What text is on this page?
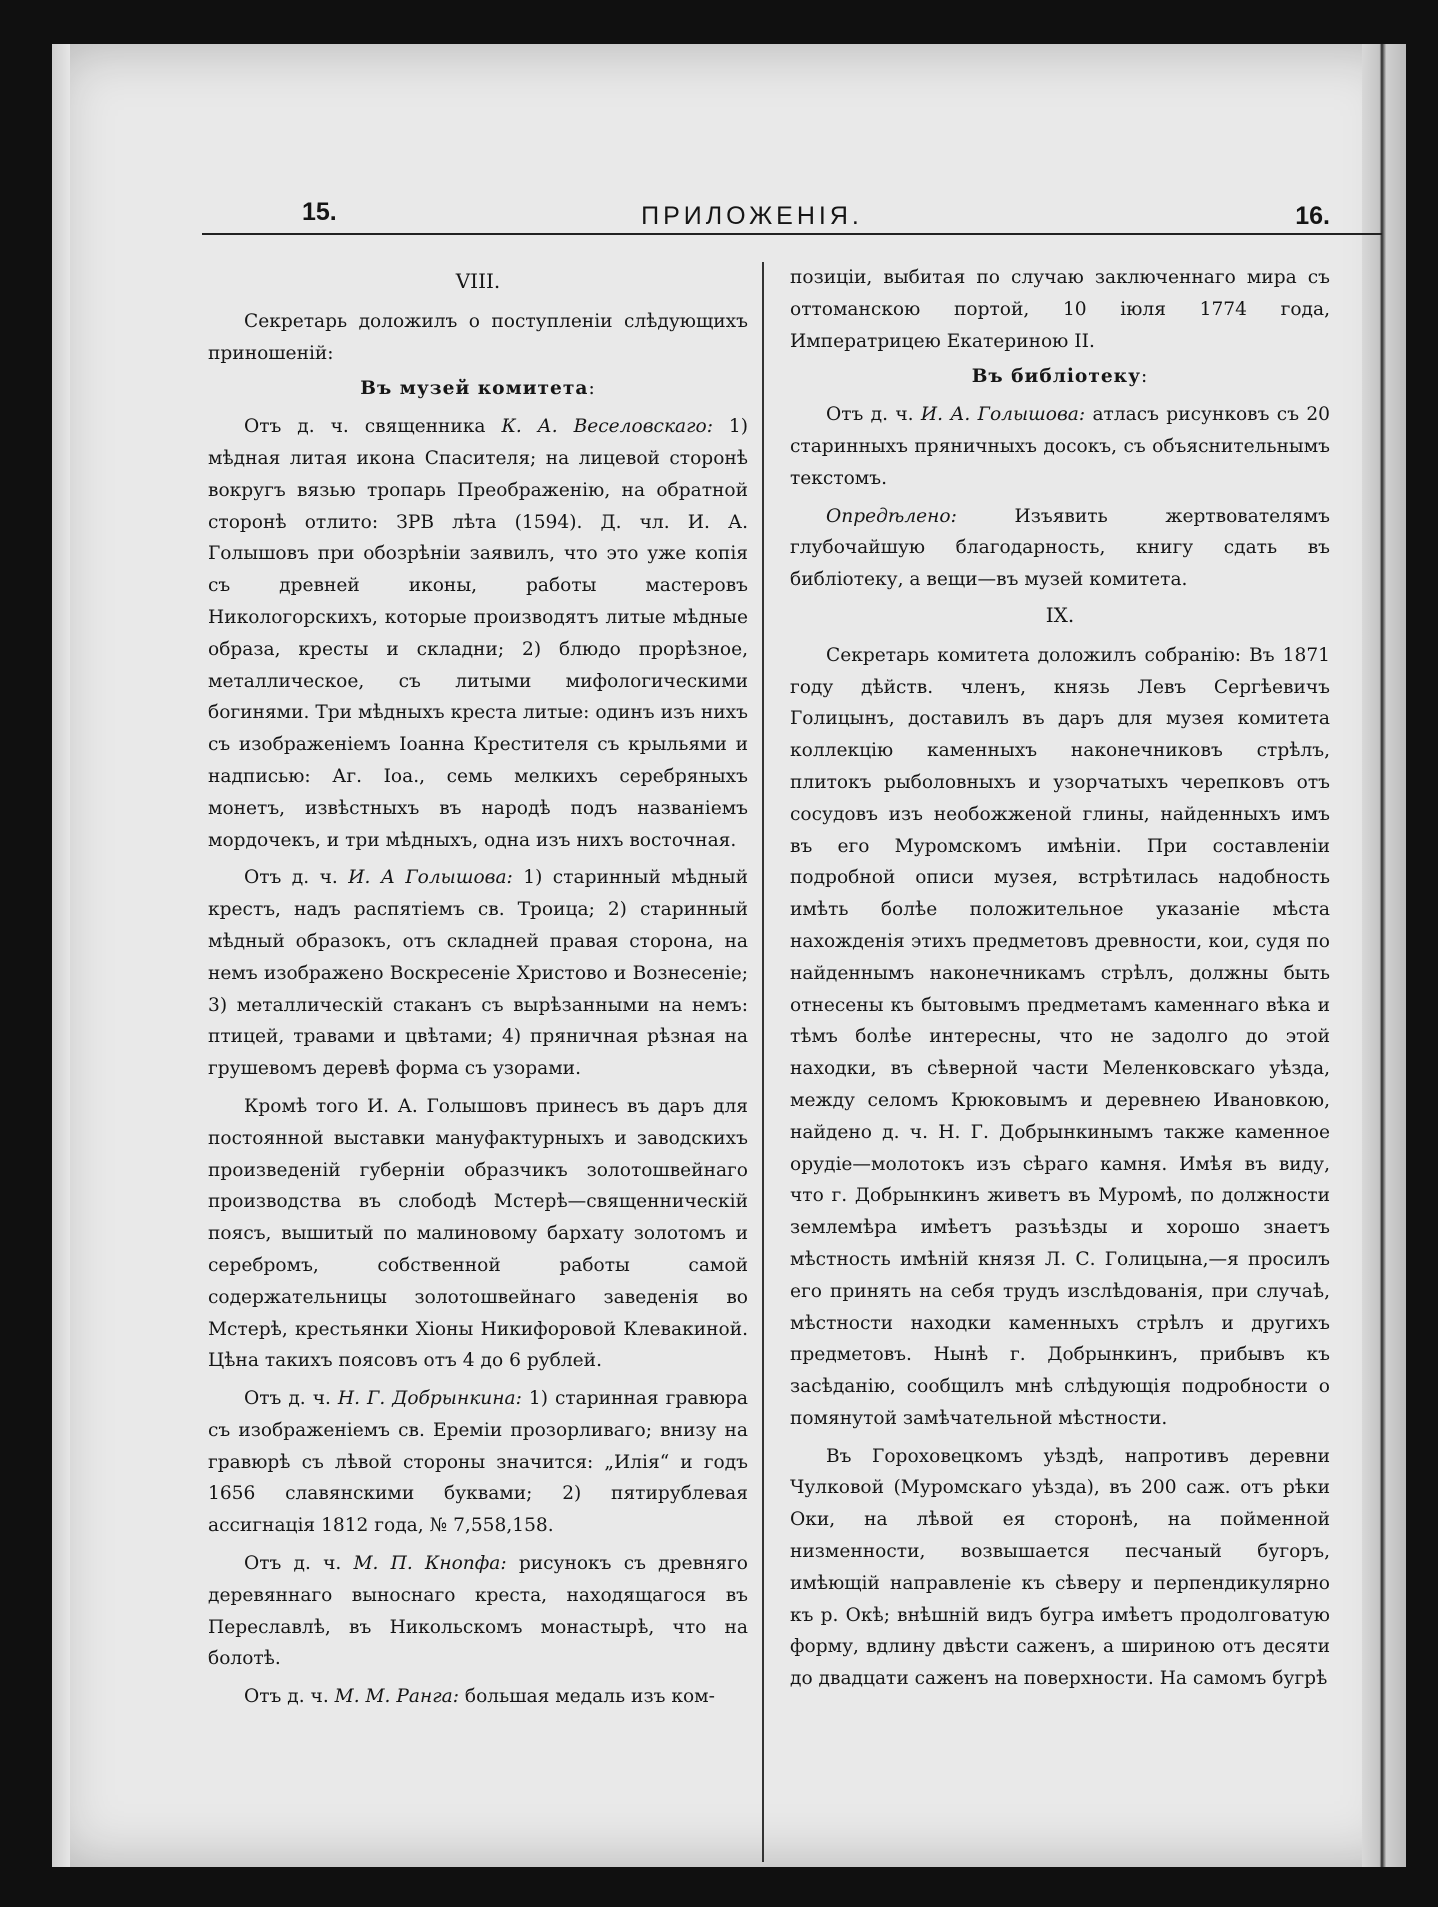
15.	ПРИЛОЖЕНІЯ.	16.

VIII.

Секретарь доложилъ о поступленіи слѣдующихъ приношеній:

Въ музей комитета:

Отъ д. ч. священника К. А. Веселовскаго: 1) мѣдная литая икона Спасителя; на лицевой сторонѣ вокругъ вязью тропарь Преображенію, на обратной сторонѣ отлито: ЗРВ лѣта (1594). Д. чл. И. А. Голышовъ при обозрѣніи заявилъ, что это уже копія съ древней иконы, работы мастеровъ Никологорскихъ, которые производятъ литые мѣдные образа, кресты и складни; 2) блюдо прорѣзное, металлическое, съ литыми мифологическими богинями. Три мѣдныхъ креста литые: одинъ изъ нихъ съ изображеніемъ Іоанна Крестителя съ крыльями и надписью: Аг. Іоа., семь мелкихъ серебряныхъ монетъ, извѣстныхъ въ народѣ подъ названіемъ мордочекъ, и три мѣдныхъ, одна изъ нихъ восточная.

Отъ д. ч. И. А Голышова: 1) старинный мѣдный крестъ, надъ распятіемъ св. Троица; 2) старинный мѣдный образокъ, отъ складней правая сторона, на немъ изображено Воскресеніе Христово и Вознесеніе; 3) металлическій стаканъ съ вырѣзанными на немъ: птицей, травами и цвѣтами; 4) пряничная рѣзная на грушевомъ деревѣ форма съ узорами.

Кромѣ того И. А. Голышовъ принесъ въ даръ для постоянной выставки мануфактурныхъ и заводскихъ произведеній губерніи образчикъ золотошвейнаго производства въ слободѣ Мстерѣ—священническій поясъ, вышитый по малиновому бархату золотомъ и серебромъ, собственной работы самой содержательницы золотошвейнаго заведенія во Мстерѣ, крестьянки Хіоны Никифоровой Клевакиной. Цѣна такихъ поясовъ отъ 4 до 6 рублей.

Отъ д. ч. Н. Г. Добрынкина: 1) старинная гравюра съ изображеніемъ св. Ереміи прозорливаго; внизу на гравюрѣ съ лѣвой стороны значится: „Илія“ и годъ 1656 славянскими буквами; 2) пятирублевая ассигнація 1812 года, № 7,558,158.

Отъ д. ч. М. П. Кнопфа: рисунокъ съ древняго деревяннаго выноснаго креста, находящагося въ Переславлѣ, въ Никольскомъ монастырѣ, что на болотѣ.

Отъ д. ч. М. М. Ранга: большая медаль изъ ком-

позиціи, выбитая по случаю заключеннаго мира съ оттоманскою портой, 10 іюля 1774 года, Императрицею Екатериною II.

Въ библіотеку:

Отъ д. ч. И. А. Голышова: атласъ рисунковъ съ 20 старинныхъ пряничныхъ досокъ, съ объяснительнымъ текстомъ.

Опредѣлено: Изъявить жертвователямъ глубочайшую благодарность, книгу сдать въ библіотеку, а вещи—въ музей комитета.

IX.

Секретарь комитета доложилъ собранію: Въ 1871 году дѣйств. членъ, князь Левъ Сергѣевичъ Голицынъ, доставилъ въ даръ для музея комитета коллекцію каменныхъ наконечниковъ стрѣлъ, плитокъ рыболовныхъ и узорчатыхъ черепковъ отъ сосудовъ изъ необожженой глины, найденныхъ имъ въ его Муромскомъ имѣніи. При составленіи подробной описи музея, встрѣтилась надобность имѣть болѣе положительное указаніе мѣста нахожденія этихъ предметовъ древности, кои, судя по найденнымъ наконечникамъ стрѣлъ, должны быть отнесены къ бытовымъ предметамъ каменнаго вѣка и тѣмъ болѣе интересны, что не задолго до этой находки, въ сѣверной части Меленковскаго уѣзда, между селомъ Крюковымъ и деревнею Ивановкою, найдено д. ч. Н. Г. Добрынкинымъ также каменное орудіе—молотокъ изъ сѣраго камня. Имѣя въ виду, что г. Добрынкинъ живетъ въ Муромѣ, по должности землемѣра имѣетъ разъѣзды и хорошо знаетъ мѣстность имѣній князя Л. С. Голицына,—я просилъ его принять на себя трудъ изслѣдованія, при случаѣ, мѣстности находки каменныхъ стрѣлъ и другихъ предметовъ. Нынѣ г. Добрынкинъ, прибывъ къ засѣданію, сообщилъ мнѣ слѣдующія подробности о помянутой замѣчательной мѣстности.

Въ Гороховецкомъ уѣздѣ, напротивъ деревни Чулковой (Муромскаго уѣзда), въ 200 саж. отъ рѣки Оки, на лѣвой ея сторонѣ, на пойменной низменности, возвышается песчаный бугоръ, имѣющій направленіе къ сѣверу и перпендикулярно къ р. Окѣ; внѣшній видъ бугра имѣетъ продолговатую форму, вдлину двѣсти саженъ, а шириною отъ десяти до двадцати саженъ на поверхности. На самомъ бугрѣ
